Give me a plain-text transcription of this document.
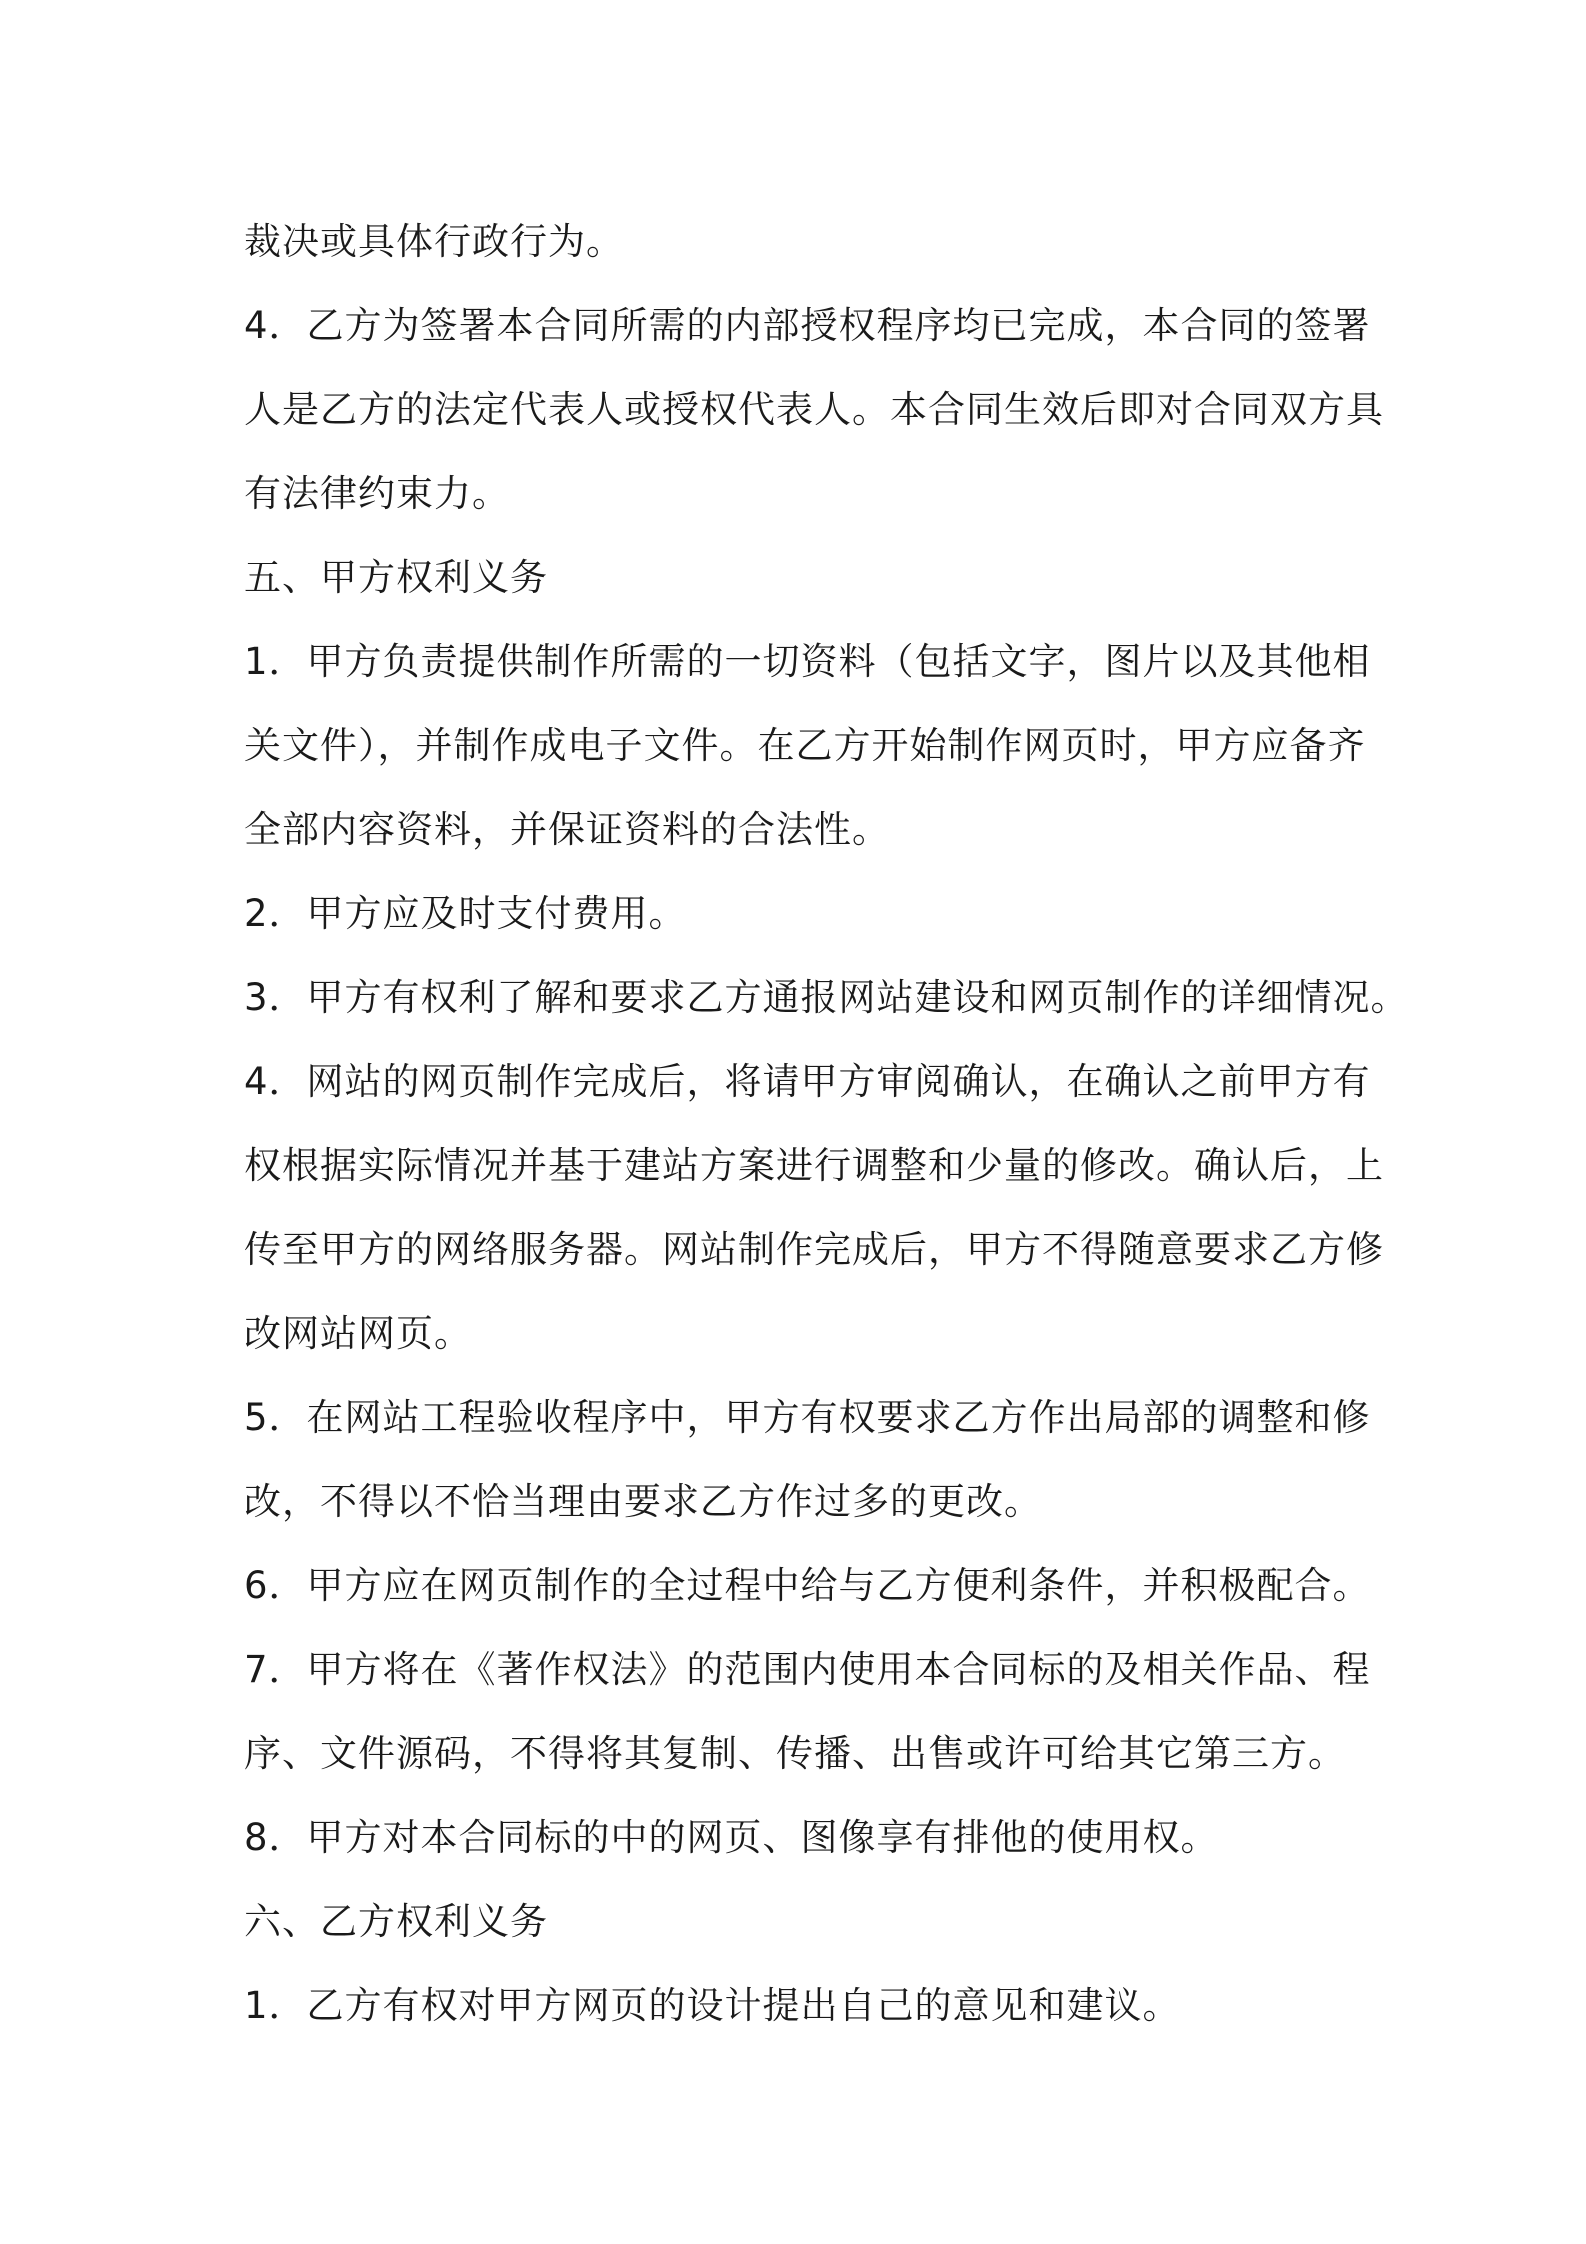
裁决或具体行政行为。
4．乙方为签署本合同所需的内部授权程序均已完成，本合同的签署
人是乙方的法定代表人或授权代表人。本合同生效后即对合同双方具
有法律约束力。
五、甲方权利义务
1．甲方负责提供制作所需的一切资料（包括文字，图片以及其他相
关文件），并制作成电子文件。在乙方开始制作网页时，甲方应备齐
全部内容资料，并保证资料的合法性。
2．甲方应及时支付费用。
3．甲方有权利了解和要求乙方通报网站建设和网页制作的详细情况。
4．网站的网页制作完成后，将请甲方审阅确认，在确认之前甲方有
权根据实际情况并基于建站方案进行调整和少量的修改。确认后，上
传至甲方的网络服务器。网站制作完成后，甲方不得随意要求乙方修
改网站网页。
5．在网站工程验收程序中，甲方有权要求乙方作出局部的调整和修
改，不得以不恰当理由要求乙方作过多的更改。
6．甲方应在网页制作的全过程中给与乙方便利条件，并积极配合。
7．甲方将在《著作权法》的范围内使用本合同标的及相关作品、程
序、文件源码，不得将其复制、传播、出售或许可给其它第三方。
8．甲方对本合同标的中的网页、图像享有排他的使用权。
六、乙方权利义务
1．乙方有权对甲方网页的设计提出自己的意见和建议。
